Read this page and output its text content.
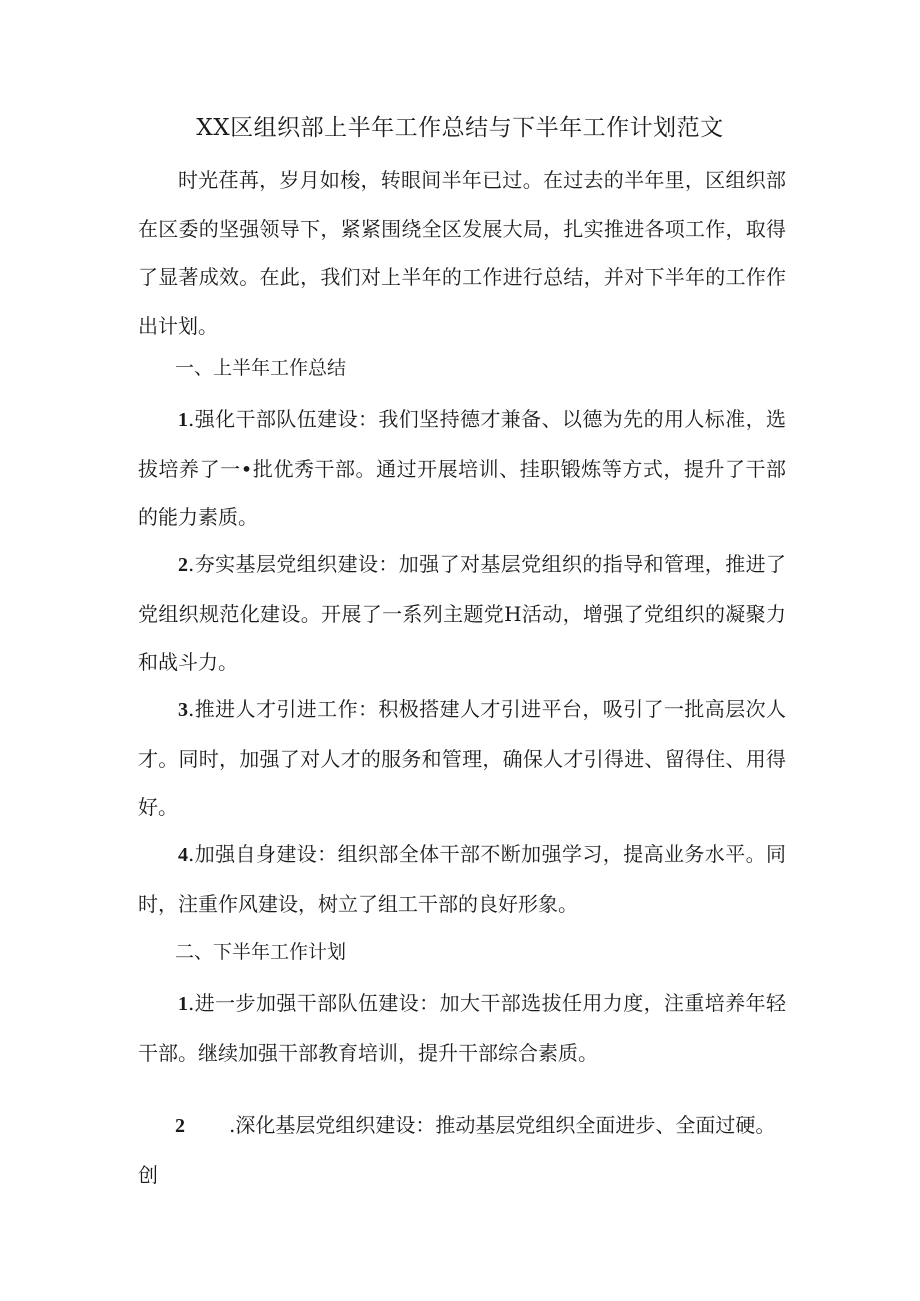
XX区组织部上半年工作总结与下半年工作计划范文

时光荏苒，岁月如梭，转眼间半年已过。在过去的半年里，区组织部在区委的坚强领导下，紧紧围绕全区发展大局，扎实推进各项工作，取得了显著成效。在此，我们对上半年的工作进行总结，并对下半年的工作作出计划。

一、上半年工作总结

1.强化干部队伍建设：我们坚持德才兼备、以德为先的用人标准，选拔培养了一•批优秀干部。通过开展培训、挂职锻炼等方式，提升了干部的能力素质。

2.夯实基层党组织建设：加强了对基层党组织的指导和管理，推进了党组织规范化建设。开展了一系列主题党H活动，增强了党组织的凝聚力和战斗力。

3.推进人才引进工作：积极搭建人才引进平台，吸引了一批高层次人才。同时，加强了对人才的服务和管理，确保人才引得进、留得住、用得好。

4.加强自身建设：组织部全体干部不断加强学习，提高业务水平。同时，注重作风建设，树立了组工干部的良好形象。

二、下半年工作计划

1.进一步加强干部队伍建设：加大干部选拔任用力度，注重培养年轻干部。继续加强干部教育培训，提升干部综合素质。

2 .深化基层党组织建设：推动基层党组织全面进步、全面过硬。创
